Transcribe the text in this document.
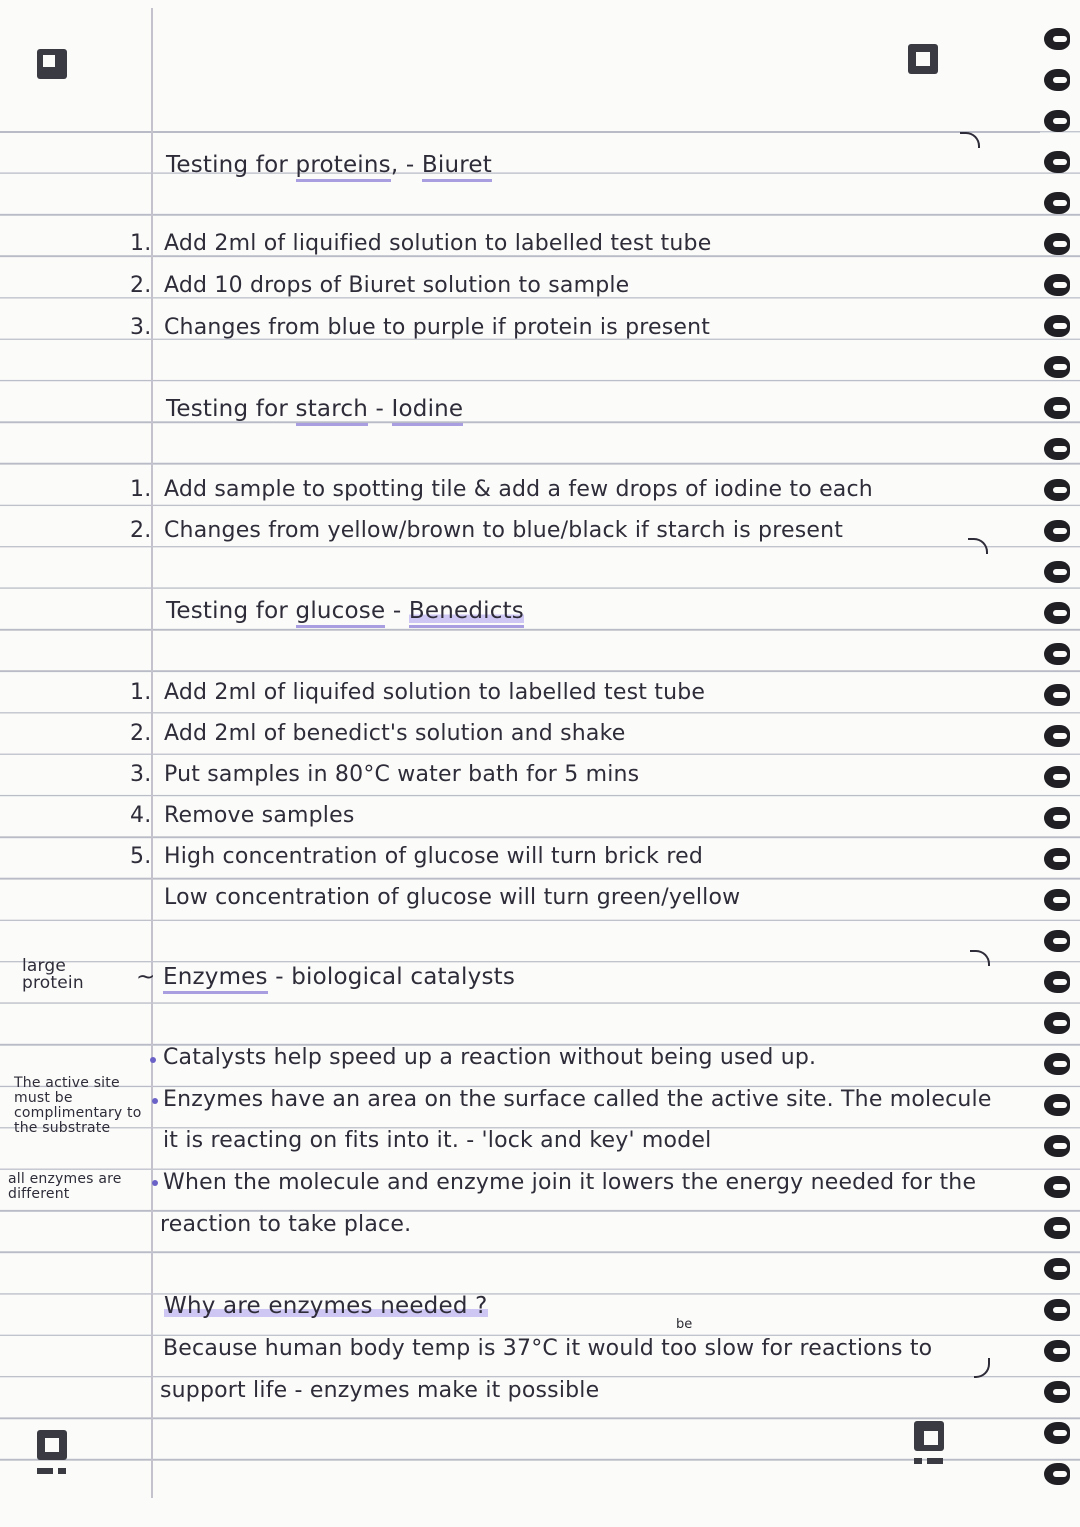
Testing for proteins, - Biuret
1. Add 2ml of liquified solution to labelled test tube
2. Add 10 drops of Biuret solution to sample
3. Changes from blue to purple if protein is present
Testing for starch - Iodine
1. Add sample to spotting tile & add a few drops of iodine to each
2. Changes from yellow/brown to blue/black if starch is present
Testing for glucose - Benedicts
1. Add 2ml of liquifed solution to labelled test tube
2. Add 2ml of benedict's solution and shake
3. Put samples in 80°C water bath for 5 mins
4. Remove samples
5. High concentration of glucose will turn brick red
Low concentration of glucose will turn green/yellow
large protein	~ Enzymes - biological catalysts
Catalysts help speed up a reaction without being used up.
Enzymes have an area on the surface called the active site. The molecule
it is reacting on fits into it. - 'lock and key' model
When the molecule and enzyme join it lowers the energy needed for the
reaction to take place.
The active site must be complimentary to the substrate
all enzymes are different
Why are enzymes needed ?
be
Because human body temp is 37°C it would too slow for reactions to
support life - enzymes make it possible
